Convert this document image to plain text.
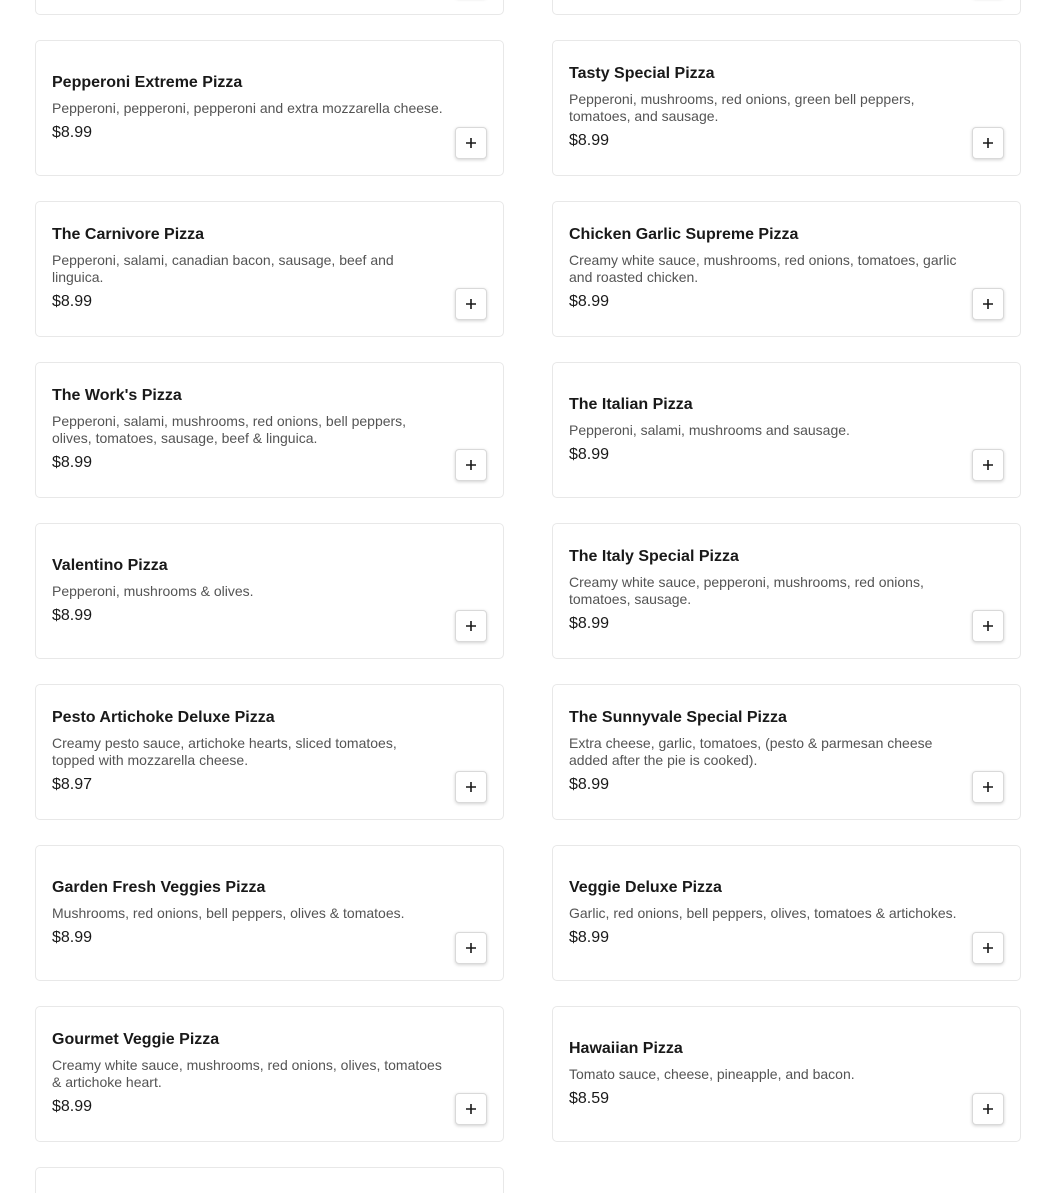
Pepperoni Extreme Pizza
Pepperoni, pepperoni, pepperoni and extra mozzarella cheese.
$8.99
Tasty Special Pizza
Pepperoni, mushrooms, red onions, green bell peppers, tomatoes, and sausage.
$8.99
The Carnivore Pizza
Pepperoni, salami, canadian bacon, sausage, beef and linguica.
$8.99
Chicken Garlic Supreme Pizza
Creamy white sauce, mushrooms, red onions, tomatoes, garlic and roasted chicken.
$8.99
The Work's Pizza
Pepperoni, salami, mushrooms, red onions, bell peppers, olives, tomatoes, sausage, beef & linguica.
$8.99
The Italian Pizza
Pepperoni, salami, mushrooms and sausage.
$8.99
Valentino Pizza
Pepperoni, mushrooms & olives.
$8.99
The Italy Special Pizza
Creamy white sauce, pepperoni, mushrooms, red onions, tomatoes, sausage.
$8.99
Pesto Artichoke Deluxe Pizza
Creamy pesto sauce, artichoke hearts, sliced tomatoes, topped with mozzarella cheese.
$8.97
The Sunnyvale Special Pizza
Extra cheese, garlic, tomatoes, (pesto & parmesan cheese added after the pie is cooked).
$8.99
Garden Fresh Veggies Pizza
Mushrooms, red onions, bell peppers, olives & tomatoes.
$8.99
Veggie Deluxe Pizza
Garlic, red onions, bell peppers, olives, tomatoes & artichokes.
$8.99
Gourmet Veggie Pizza
Creamy white sauce, mushrooms, red onions, olives, tomatoes & artichoke heart.
$8.99
Hawaiian Pizza
Tomato sauce, cheese, pineapple, and bacon.
$8.59
